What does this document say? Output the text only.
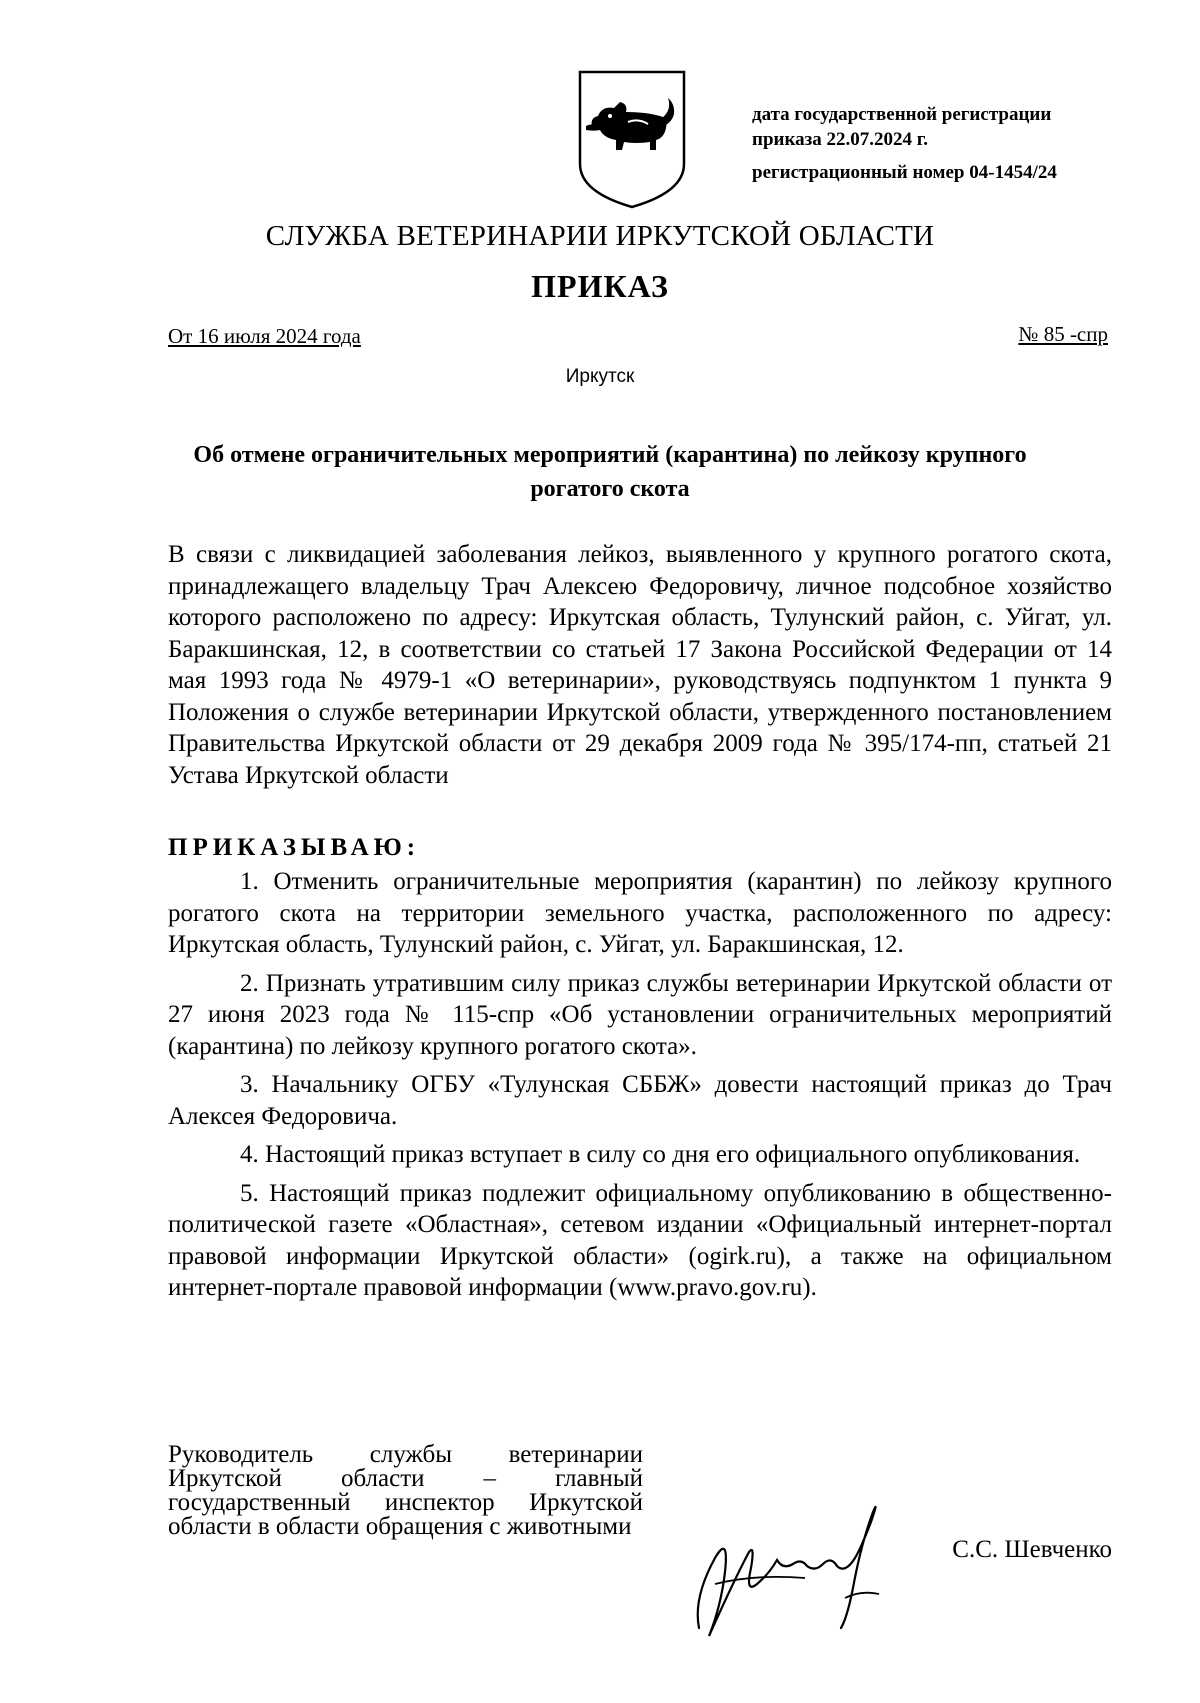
дата государственной регистрации
приказа 22.07.2024 г.
регистрационный номер 04-1454/24
СЛУЖБА ВЕТЕРИНАРИИ ИРКУТСКОЙ ОБЛАСТИ
ПРИКАЗ
От 16 июля 2024 года	№ 85 -спр
Иркутск
Об отмене ограничительных мероприятий (карантина) по лейкозу крупного рогатого скота

В связи с ликвидацией заболевания лейкоз, выявленного у крупного рогатого скота, принадлежащего владельцу Трач Алексею Федоровичу, личное подсобное хозяйство которого расположено по адресу: Иркутская область, Тулунский район, с. Уйгат, ул. Баракшинская, 12, в соответствии со статьей 17 Закона Российской Федерации от 14 мая 1993 года № 4979-1 «О ветеринарии», руководствуясь подпунктом 1 пункта 9 Положения о службе ветеринарии Иркутской области, утвержденного постановлением Правительства Иркутской области от 29 декабря 2009 года № 395/174-пп, статьей 21 Устава Иркутской области

ПРИКАЗЫВАЮ:

1. Отменить ограничительные мероприятия (карантин) по лейкозу крупного рогатого скота на территории земельного участка, расположенного по адресу: Иркутская область, Тулунский район, с. Уйгат, ул. Баракшинская, 12.

2. Признать утратившим силу приказ службы ветеринарии Иркутской области от 27 июня 2023 года № 115-спр «Об установлении ограничительных мероприятий (карантина) по лейкозу крупного рогатого скота».

3. Начальнику ОГБУ «Тулунская СББЖ» довести настоящий приказ до Трач Алексея Федоровича.

4. Настоящий приказ вступает в силу со дня его официального опубликования.

5. Настоящий приказ подлежит официальному опубликованию в общественно-политической газете «Областная», сетевом издании «Официальный интернет-портал правовой информации Иркутской области» (ogirk.ru), а также на официальном интернет-портале правовой информации (www.pravo.gov.ru).

Руководитель службы ветеринарии Иркутской области – главный государственный инспектор Иркутской области в области обращения с животными

С.С. Шевченко
